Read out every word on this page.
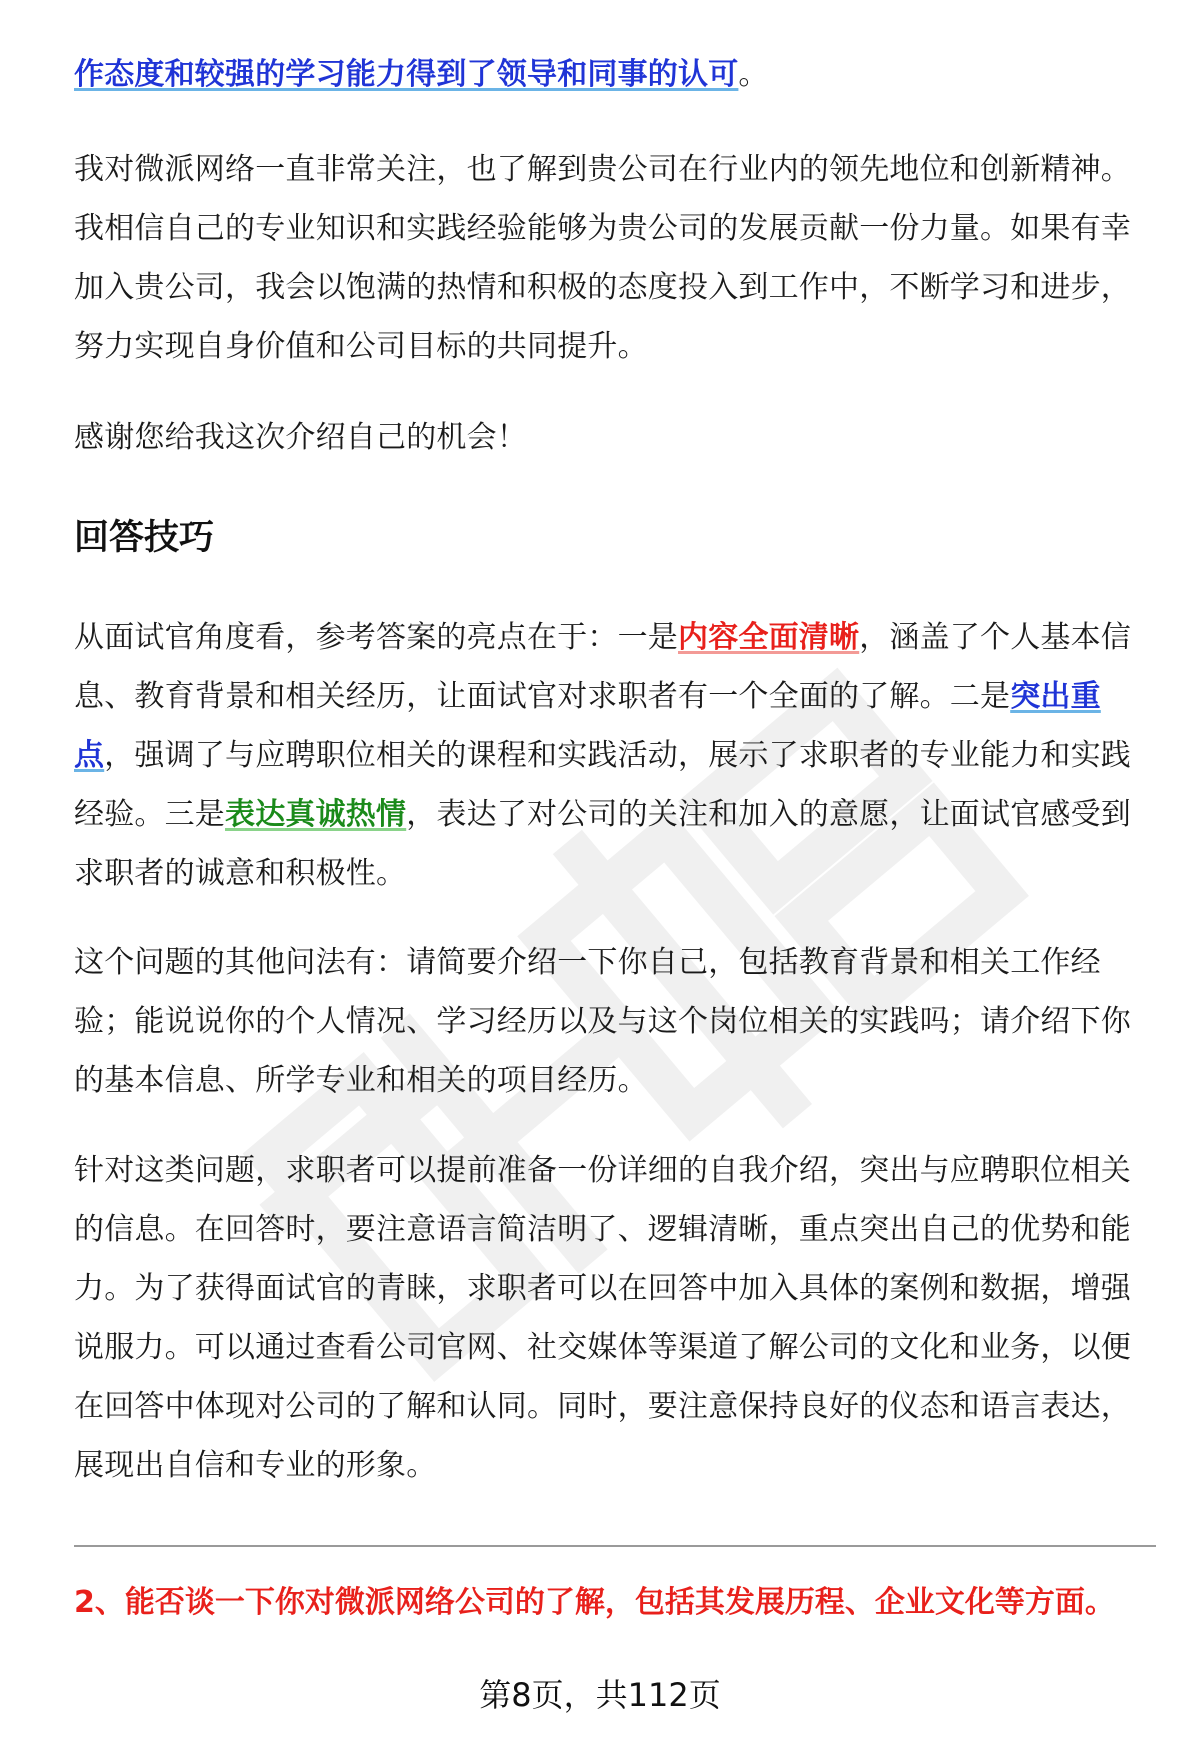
作态度和较强的学习能力得到了领导和同事的认可。

我对微派网络一直非常关注，也了解到贵公司在行业内的领先地位和创新精神。我相信自己的专业知识和实践经验能够为贵公司的发展贡献一份力量。如果有幸加入贵公司，我会以饱满的热情和积极的态度投入到工作中，不断学习和进步，努力实现自身价值和公司目标的共同提升。

感谢您给我这次介绍自己的机会！

回答技巧

从面试官角度看，参考答案的亮点在于：一是内容全面清晰，涵盖了个人基本信息、教育背景和相关经历，让面试官对求职者有一个全面的了解。二是突出重点，强调了与应聘职位相关的课程和实践活动，展示了求职者的专业能力和实践经验。三是表达真诚热情，表达了对公司的关注和加入的意愿，让面试官感受到求职者的诚意和积极性。

这个问题的其他问法有：请简要介绍一下你自己，包括教育背景和相关工作经验；能说说你的个人情况、学习经历以及与这个岗位相关的实践吗；请介绍下你的基本信息、所学专业和相关的项目经历。

针对这类问题，求职者可以提前准备一份详细的自我介绍，突出与应聘职位相关的信息。在回答时，要注意语言简洁明了、逻辑清晰，重点突出自己的优势和能力。为了获得面试官的青睐，求职者可以在回答中加入具体的案例和数据，增强说服力。可以通过查看公司官网、社交媒体等渠道了解公司的文化和业务，以便在回答中体现对公司的了解和认同。同时，要注意保持良好的仪态和语言表达，展现出自信和专业的形象。

2、能否谈一下你对微派网络公司的了解，包括其发展历程、企业文化等方面。

第8页，共112页
